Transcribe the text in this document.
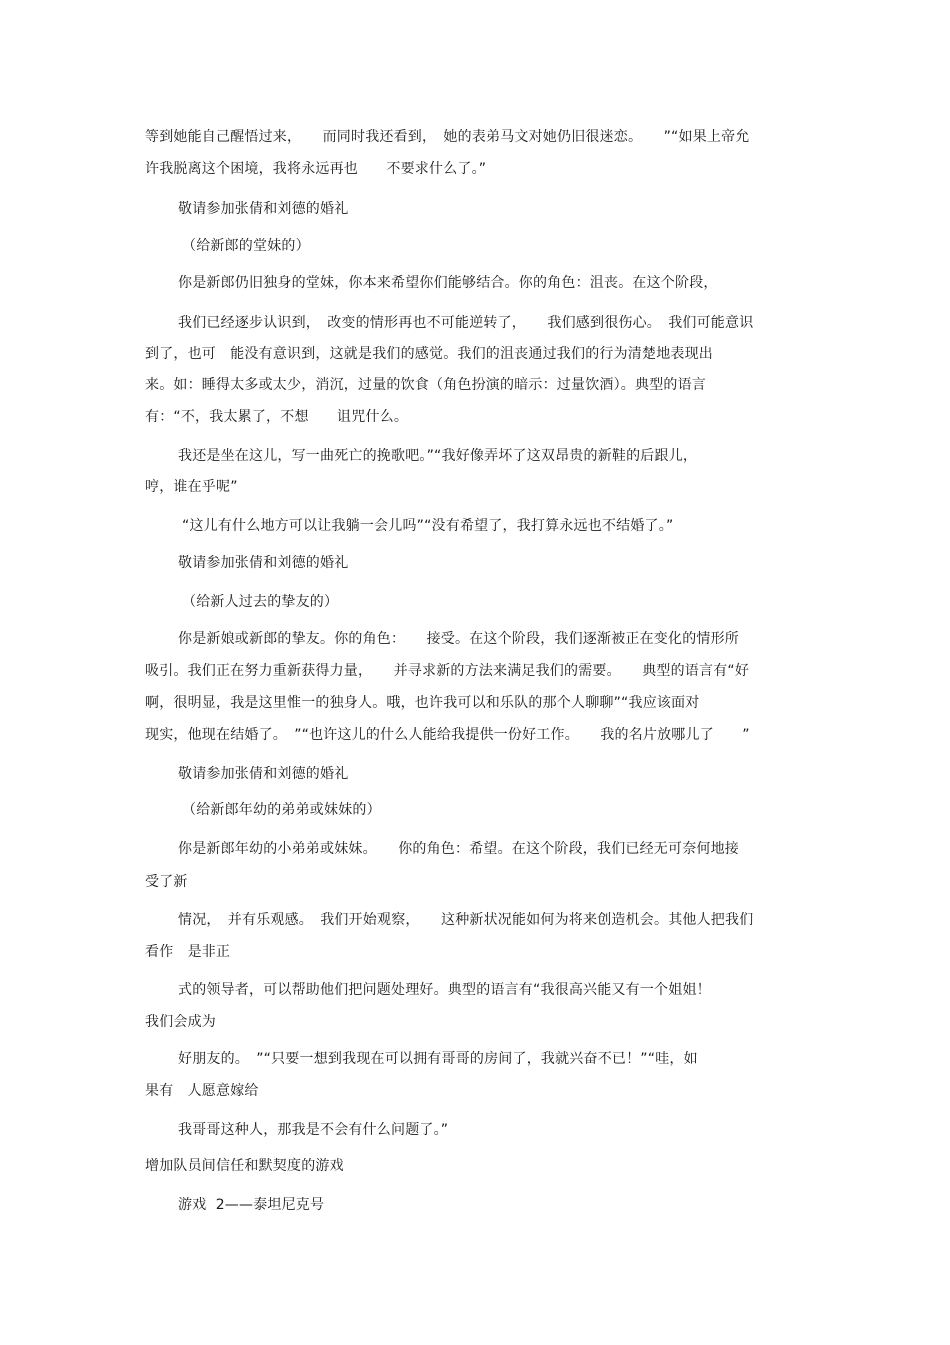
等到她能自己醒悟过来，　　而同时我还看到，　她的表弟马文对她仍旧很迷恋。　　”“如果上帝允
许我脱离这个困境，我将永远再也　　不要求什么了。”
敬请参加张倩和刘德的婚礼
（给新郎的堂妹的）
你是新郎仍旧独身的堂妹，你本来希望你们能够结合。你的角色：沮丧。在这个阶段，
我们已经逐步认识到，　改变的情形再也不可能逆转了，　　我们感到很伤心。　我们可能意识
到了，也可　能没有意识到，这就是我们的感觉。我们的沮丧通过我们的行为清楚地表现出
来。如：睡得太多或太少，消沉，过量的饮食（角色扮演的暗示：过量饮酒）。典型的语言
有：“不，我太累了，不想　　诅咒什么。
我还是坐在这儿，写一曲死亡的挽歌吧。”“我好像弄坏了这双昂贵的新鞋的后跟儿，
哼，谁在乎呢”
“这儿有什么地方可以让我躺一会儿吗”“没有希望了，我打算永远也不结婚了。”
敬请参加张倩和刘德的婚礼
（给新人过去的挚友的）
你是新娘或新郎的挚友。你的角色：　　接受。在这个阶段，我们逐渐被正在变化的情形所
吸引。我们正在努力重新获得力量，　　并寻求新的方法来满足我们的需要。　　典型的语言有“好
啊，很明显，我是这里惟一的独身人。哦，也许我可以和乐队的那个人聊聊”“我应该面对
现实，他现在结婚了。　”“也许这儿的什么人能给我提供一份好工作。　　我的名片放哪儿了　　”
敬请参加张倩和刘德的婚礼
（给新郎年幼的弟弟或妹妹的）
你是新郎年幼的小弟弟或妹妹。　　你的角色：希望。在这个阶段，我们已经无可奈何地接
受了新
情况，　并有乐观感。　我们开始观察，　　这种新状况能如何为将来创造机会。其他人把我们
看作　是非正
式的领导者，可以帮助他们把问题处理好。典型的语言有“我很高兴能又有一个姐姐！
我们会成为
好朋友的。　”“只要一想到我现在可以拥有哥哥的房间了，我就兴奋不已！”“哇，如
果有　人愿意嫁给
我哥哥这种人，那我是不会有什么问题了。”
增加队员间信任和默契度的游戏
游戏  2——泰坦尼克号
